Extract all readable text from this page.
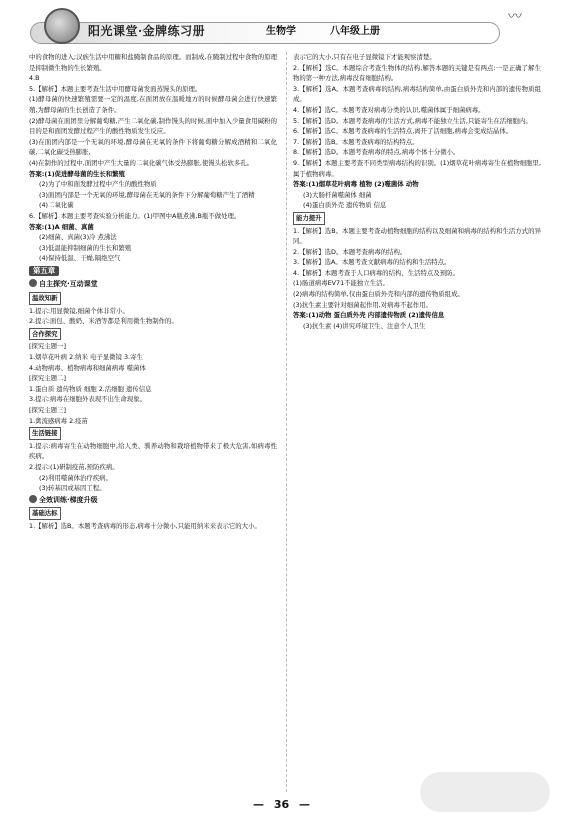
阳光课堂·金牌练习册	生物学	八年级上册
〰

中的食物的进入;汉族生活中用糖和盐腌制食品的原理。而制成,在腌制过程中食物的原理是抑制微生物的生长繁殖。

4.B

5.【解析】本题主要考查生活中用酵母菌发面蒸馒头的原理。

(1)酵母菌的快速繁殖需要一定的温度,在面团放在温暖地方的时候酵母菌会进行快速繁殖,为酵母菌的生长创造了条件。

(2)酵母菌在面团里分解葡萄糖,产生二氧化碳,制作馒头的时候,面中加入少量食用碱粉的目的是和面团发酵过程产生的酸性物质发生反应。

(3)在面团内部是一个无氧的环境,酵母菌在无氧的条件下将葡萄糖分解成酒精和二氧化碳,二氧化碳受热膨胀,

(4)在制作的过程中,面团中产生大量的二氧化碳气体受热膨胀,使馒头松软多孔。

答案:(1)促进酵母菌的生长和繁殖

(2)为了中和面发酵过程中产生的酸性物质

(3)面团内部是一个无氧的环境,酵母菌在无氧的条件下分解葡萄糖产生了酒精

(4)二氧化碳

6.【解析】本题主要考查实验分析能力。(1)甲图中A瓶煮沸,B瓶不做处理。

答案:(1)A 细菌、真菌

(2)细菌、真菌(3)冷 煮沸法

(3)低温能抑制细菌的生长和繁殖

(4)保持低温、干燥,隔绝空气

第五章
自主探究·互动课堂
温故知新

1.提示:用显微镜,细菌个体非常小。

2.提示:面包、酸奶、米酒等都是利用微生物制作的。

合作探究

[探究主题一]

1.烟草花叶病 2.纳米 电子显微镜 3.寄生

4.动物病毒、植物病毒和细菌病毒 噬菌体

[探究主题二]

1.蛋白质 遗传物质 细胞 2.活细胞 遗传信息

3.提示:病毒在细胞外表现不出生命现象。

[探究主题三]

1.禽流感病毒 2.疫苗

生活链接

1.提示:病毒寄生在动物细胞中,给人类、驯养动物和栽培植物带来了极大危害,如病毒性疾病。

2.提示:(1)研制疫苗,预防疾病。

(2)利用噬菌体治疗疾病。

(3)转基因或基因工程。

全效训练·梯度升级
基础达标

1.【解析】选B。本题考查病毒的形态,病毒十分微小,只能用纳米来表示它的大小。

表示它的大小,只有在电子显微镜下才能观察清楚。

2.【解析】选C。本题综合考查生物体的结构,解答本题的关键是有两点:一是正确了解生物的第一种方法,病毒没有细胞结构。

3.【解析】选A。本题考查病毒的结构,病毒结构简单,由蛋白质外壳和内部的遗传物质组成。

4.【解析】选C。本题考查对病毒分类的认识,噬菌体属于细菌病毒。

5.【解析】选D。本题考查病毒的生活方式,病毒不能独立生活,只能寄生在活细胞内。

6.【解析】选C。本题考查病毒的生活特点,离开了活细胞,病毒会变成结晶体。

7.【解析】选B。本题考查病毒的结构特点。

8.【解析】选D。本题考查病毒的特点,病毒个体十分微小。

9.【解析】本题主要考查不同类型病毒结构的识别。(1)烟草花叶病毒寄生在植物细胞里,属于植物病毒。

答案:(1)烟草花叶病毒 植物 (2)噬菌体 动物

(3)大肠杆菌噬菌体 细菌

(4)蛋白质外壳 遗传物质 信息

能力提升

1.【解析】选B。本题主要考查动植物细胞的结构以及细菌和病毒的结构和生活方式的异同。

2.【解析】选D。本题考查病毒的结构。

3.【解析】选A。本题考查文献病毒的结构和生活特点。

4.【解析】本题考查于人口病毒的结构、生活特点及预防。

(1)肠道病毒EV71不能独立生活。

(2)病毒的结构简单,仅由蛋白质外壳和内部的遗传物质组成。

(3)抗生素主要针对细菌起作用,对病毒不起作用。

答案:(1)动物 蛋白质外壳 内部遗传物质 (2)遗传信息

(3)抗生素 (4)讲究环境卫生、注意个人卫生

— 36 —
